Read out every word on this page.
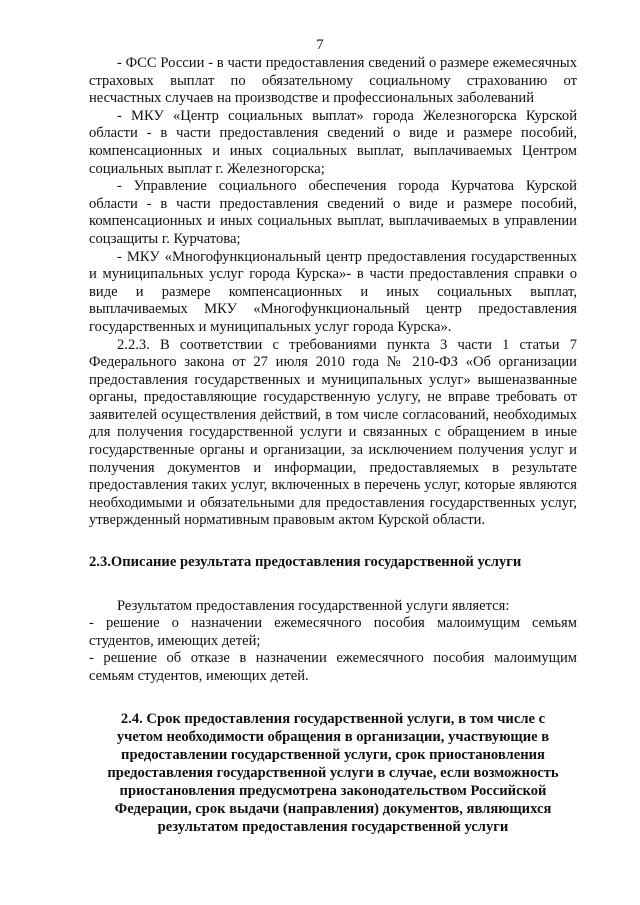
7

- ФСС России - в части предоставления сведений о размере ежемесячных страховых выплат по обязательному социальному страхованию от несчастных случаев на производстве и профессиональных заболеваний

- МКУ «Центр социальных выплат» города Железногорска Курской области - в части предоставления сведений о виде и размере пособий, компенсационных и иных социальных выплат, выплачиваемых Центром социальных выплат г. Железногорска;

- Управление социального обеспечения города Курчатова Курской области - в части предоставления сведений о виде и размере пособий, компенсационных и иных социальных выплат, выплачиваемых в управлении соцзащиты г. Курчатова;

- МКУ «Многофункциональный центр предоставления государственных и муниципальных услуг города Курска»- в части предоставления справки о виде и размере компенсационных и иных социальных выплат, выплачиваемых МКУ «Многофункциональный центр предоставления государственных и муниципальных услуг города Курска».

2.2.3. В соответствии с требованиями пункта 3 части 1 статьи 7 Федерального закона от 27 июля 2010 года № 210-ФЗ «Об организации предоставления государственных и муниципальных услуг» вышеназванные органы, предоставляющие государственную услугу, не вправе требовать от заявителей осуществления действий, в том числе согласований, необходимых для получения государственной услуги и связанных с обращением в иные государственные органы и организации, за исключением получения услуг и получения документов и информации, предоставляемых в результате предоставления таких услуг, включенных в перечень услуг, которые являются необходимыми и обязательными для предоставления государственных услуг, утвержденный нормативным правовым актом Курской области.

2.3.Описание результата предоставления государственной услуги

Результатом предоставления государственной услуги является:

- решение о назначении ежемесячного пособия малоимущим семьям студентов, имеющих детей;

- решение об отказе в назначении ежемесячного пособия малоимущим семьям студентов, имеющих детей.

2.4. Срок предоставления государственной услуги, в том числе с учетом необходимости обращения в организации, участвующие в предоставлении государственной услуги, срок приостановления предоставления государственной услуги в случае, если возможность приостановления предусмотрена законодательством Российской Федерации, срок выдачи (направления) документов, являющихся результатом предоставления государственной услуги
